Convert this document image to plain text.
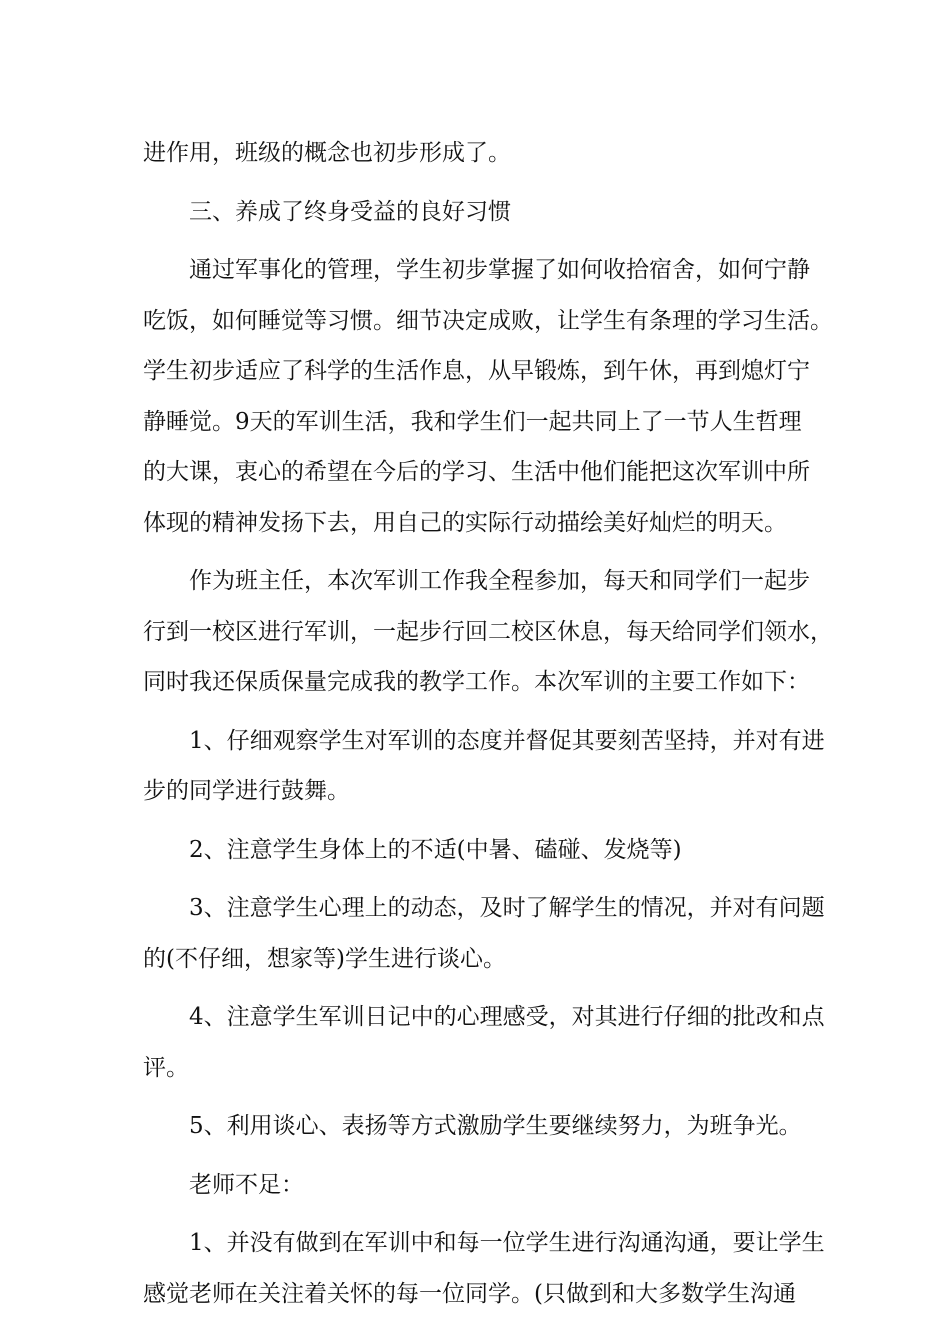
进作用，班级的概念也初步形成了。
三、养成了终身受益的良好习惯
通过军事化的管理，学生初步掌握了如何收拾宿舍，如何宁静
吃饭，如何睡觉等习惯。细节决定成败，让学生有条理的学习生活。
学生初步适应了科学的生活作息，从早锻炼，到午休，再到熄灯宁
静睡觉。9天的军训生活，我和学生们一起共同上了一节人生哲理
的大课，衷心的希望在今后的学习、生活中他们能把这次军训中所
体现的精神发扬下去，用自己的实际行动描绘美好灿烂的明天。
作为班主任，本次军训工作我全程参加，每天和同学们一起步
行到一校区进行军训，一起步行回二校区休息，每天给同学们领水，
同时我还保质保量完成我的教学工作。本次军训的主要工作如下：
1、仔细观察学生对军训的态度并督促其要刻苦坚持，并对有进
步的同学进行鼓舞。
2、注意学生身体上的不适(中暑、磕碰、发烧等)
3、注意学生心理上的动态，及时了解学生的情况，并对有问题
的(不仔细，想家等)学生进行谈心。
4、注意学生军训日记中的心理感受，对其进行仔细的批改和点
评。
5、利用谈心、表扬等方式激励学生要继续努力，为班争光。
老师不足：
1、并没有做到在军训中和每一位学生进行沟通沟通，要让学生
感觉老师在关注着关怀的每一位同学。(只做到和大多数学生沟通
